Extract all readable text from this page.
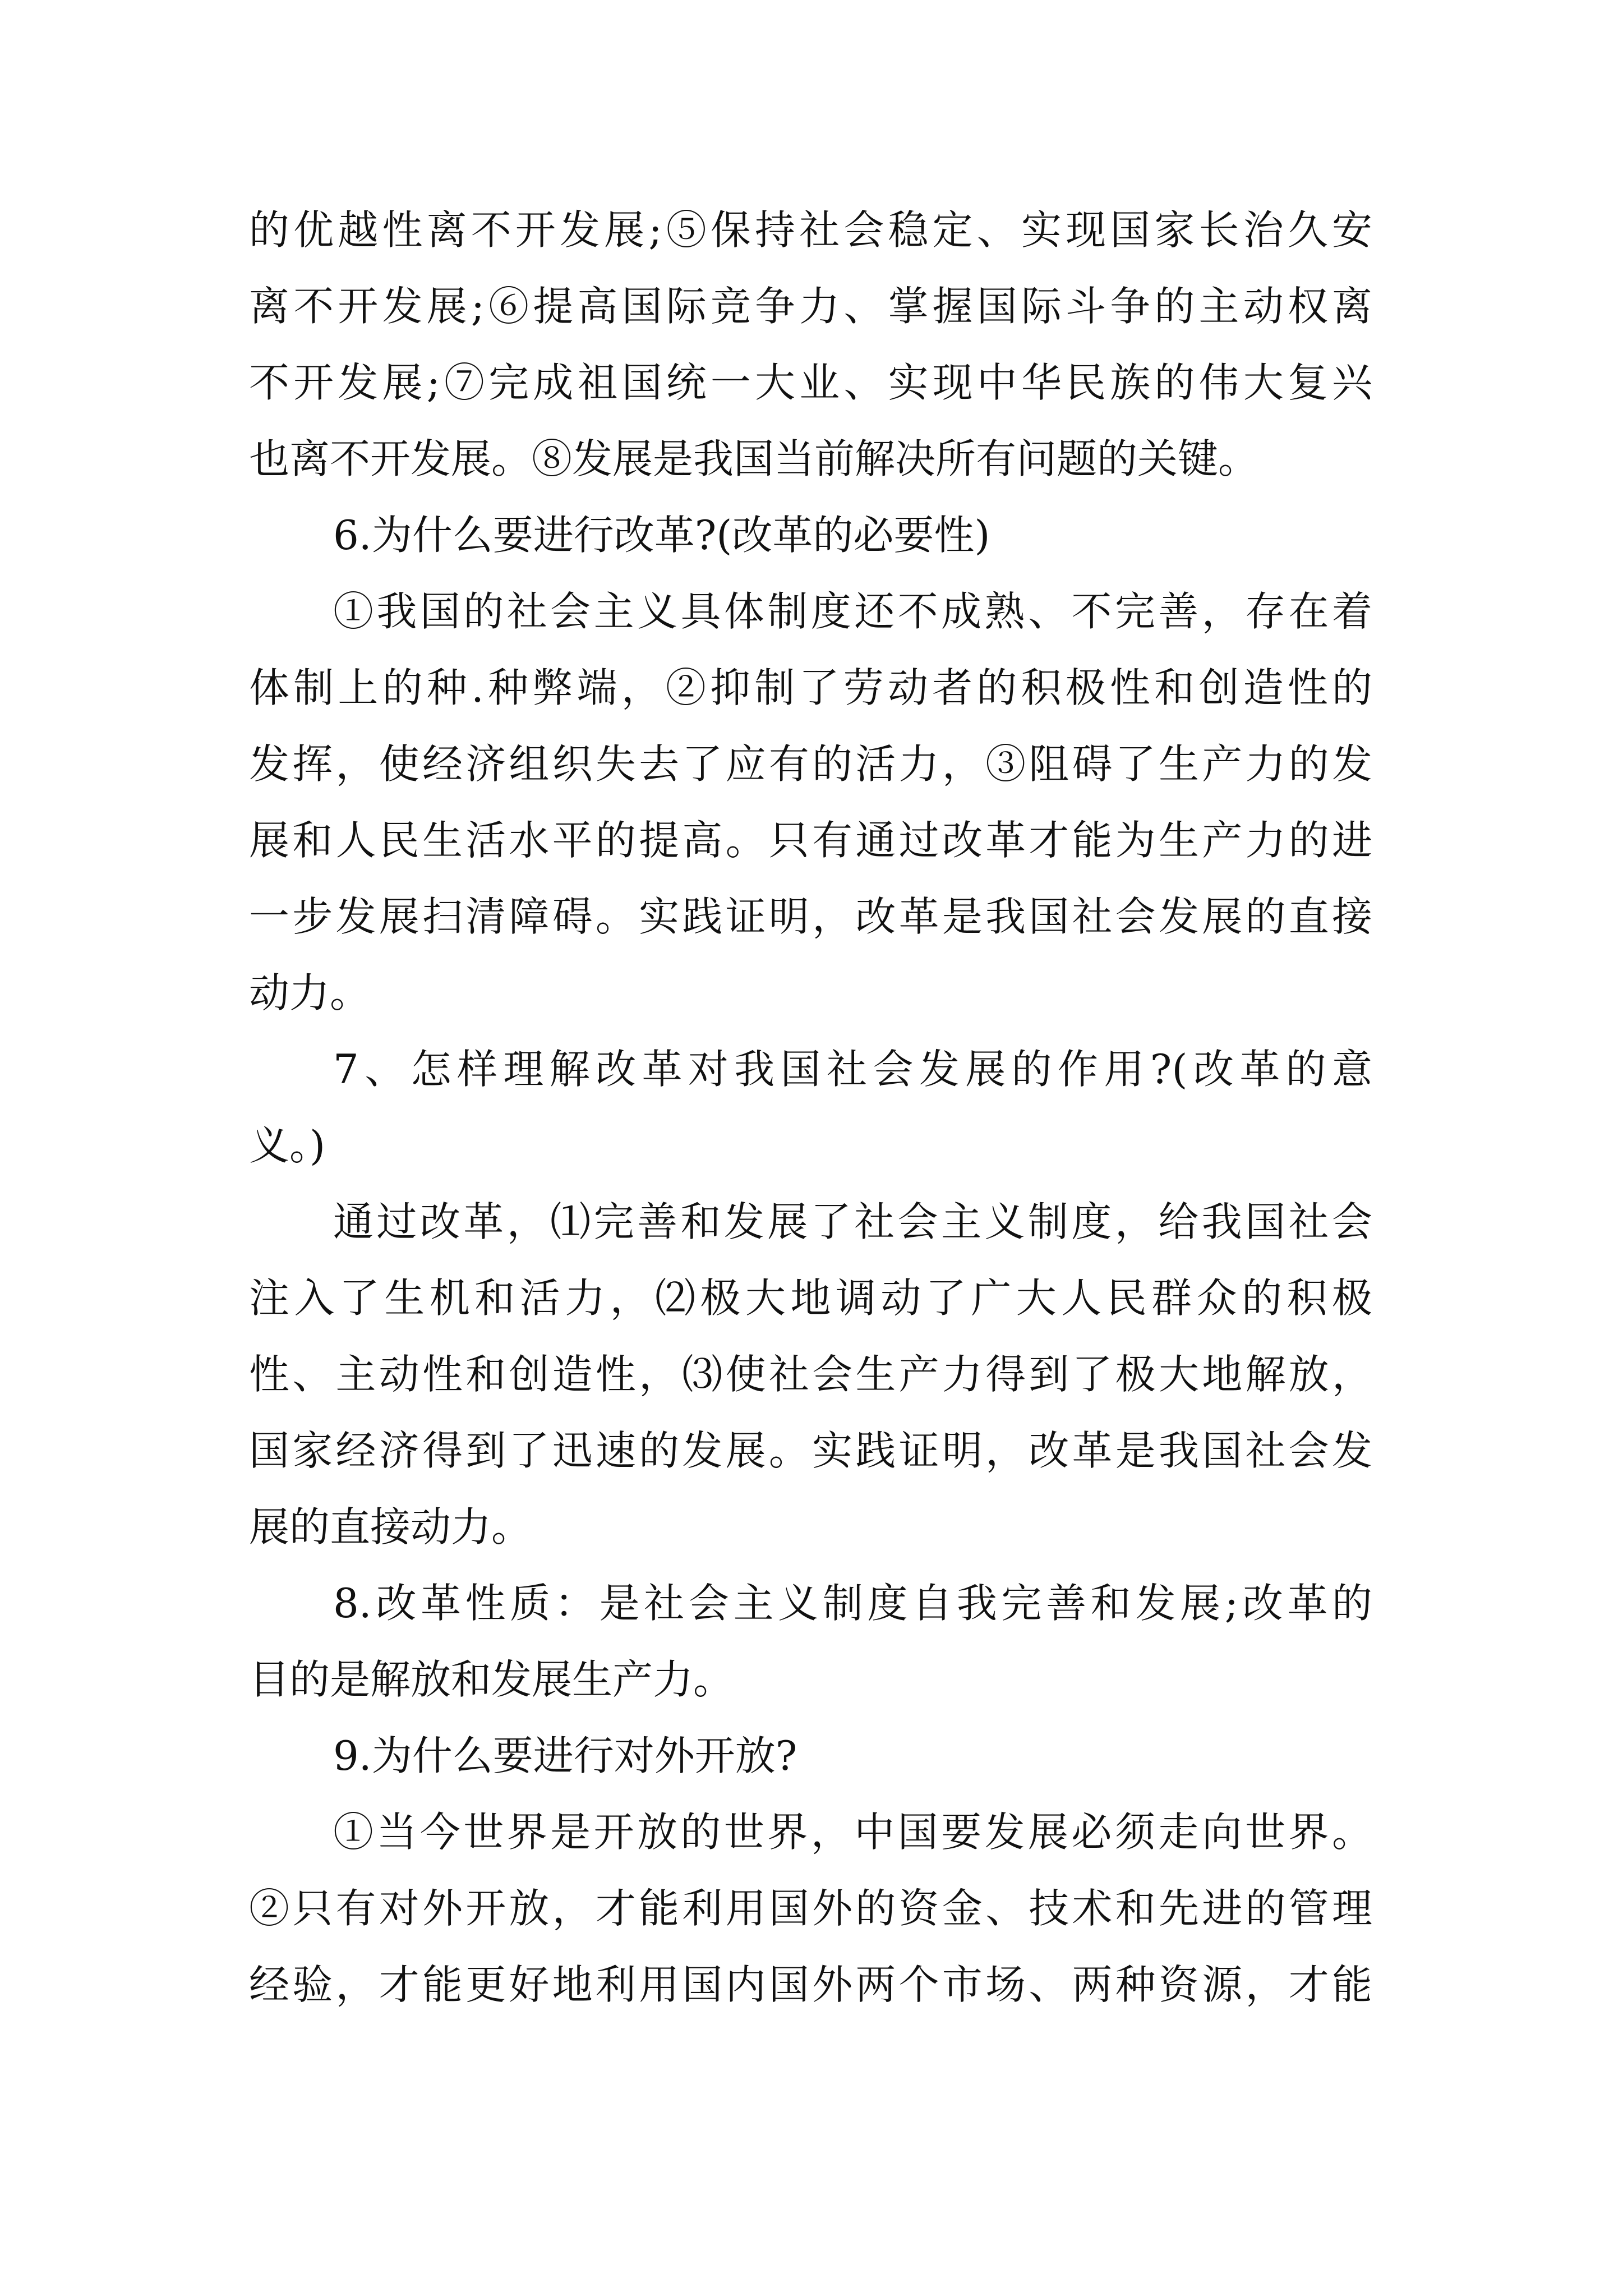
的优越性离不开发展;⑤保持社会稳定、实现国家长治久安
离不开发展;⑥提高国际竞争力、掌握国际斗争的主动权离
不开发展;⑦完成祖国统一大业、实现中华民族的伟大复兴
也离不开发展。⑧发展是我国当前解决所有问题的关键。
6.为什么要进行改革?(改革的必要性)
①我国的社会主义具体制度还不成熟、不完善，存在着
体制上的种.种弊端，②抑制了劳动者的积极性和创造性的
发挥，使经济组织失去了应有的活力，③阻碍了生产力的发
展和人民生活水平的提高。只有通过改革才能为生产力的进
一步发展扫清障碍。实践证明，改革是我国社会发展的直接
动力。
7、怎样理解改革对我国社会发展的作用?(改革的意
义。)
通过改革，⑴完善和发展了社会主义制度，给我国社会
注入了生机和活力，⑵极大地调动了广大人民群众的积极
性、主动性和创造性，⑶使社会生产力得到了极大地解放，
国家经济得到了迅速的发展。实践证明，改革是我国社会发
展的直接动力。
8.改革性质：是社会主义制度自我完善和发展;改革的
目的是解放和发展生产力。
9.为什么要进行对外开放?
①当今世界是开放的世界，中国要发展必须走向世界。
②只有对外开放，才能利用国外的资金、技术和先进的管理
经验，才能更好地利用国内国外两个市场、两种资源，才能
